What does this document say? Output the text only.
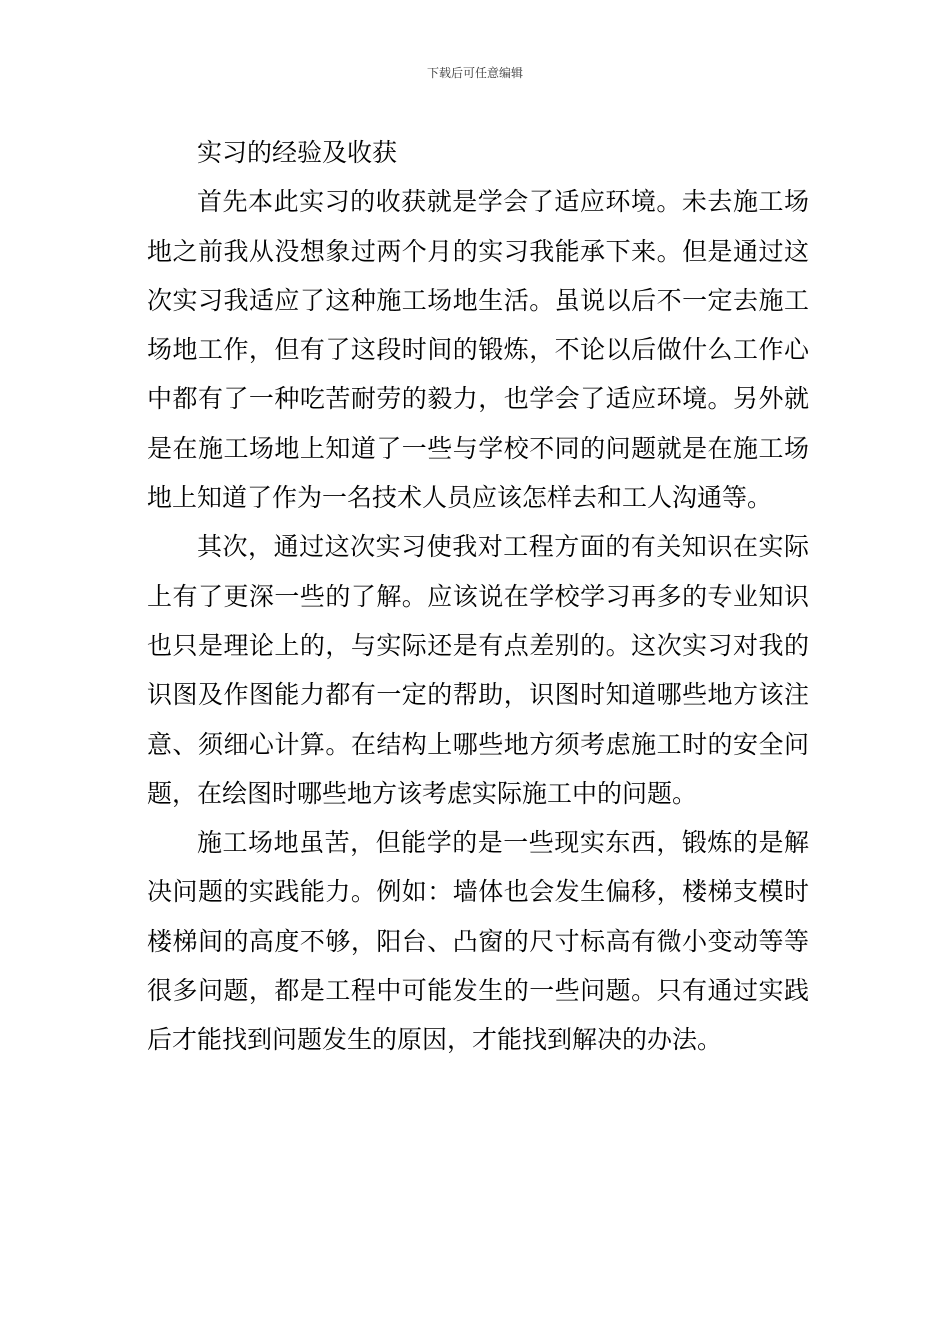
下载后可任意编辑
实习的经验及收获

首先本此实习的收获就是学会了适应环境。未去施工场地之前我从没想象过两个月的实习我能承下来。但是通过这次实习我适应了这种施工场地生活。虽说以后不一定去施工场地工作，但有了这段时间的锻炼，不论以后做什么工作心中都有了一种吃苦耐劳的毅力，也学会了适应环境。另外就是在施工场地上知道了一些与学校不同的问题就是在施工场地上知道了作为一名技术人员应该怎样去和工人沟通等。

其次，通过这次实习使我对工程方面的有关知识在实际上有了更深一些的了解。应该说在学校学习再多的专业知识也只是理论上的，与实际还是有点差别的。这次实习对我的识图及作图能力都有一定的帮助，识图时知道哪些地方该注意、须细心计算。在结构上哪些地方须考虑施工时的安全问题，在绘图时哪些地方该考虑实际施工中的问题。

施工场地虽苦，但能学的是一些现实东西，锻炼的是解决问题的实践能力。例如：墙体也会发生偏移，楼梯支模时楼梯间的高度不够，阳台、凸窗的尺寸标高有微小变动等等很多问题，都是工程中可能发生的一些问题。只有通过实践后才能找到问题发生的原因，才能找到解决的办法。
